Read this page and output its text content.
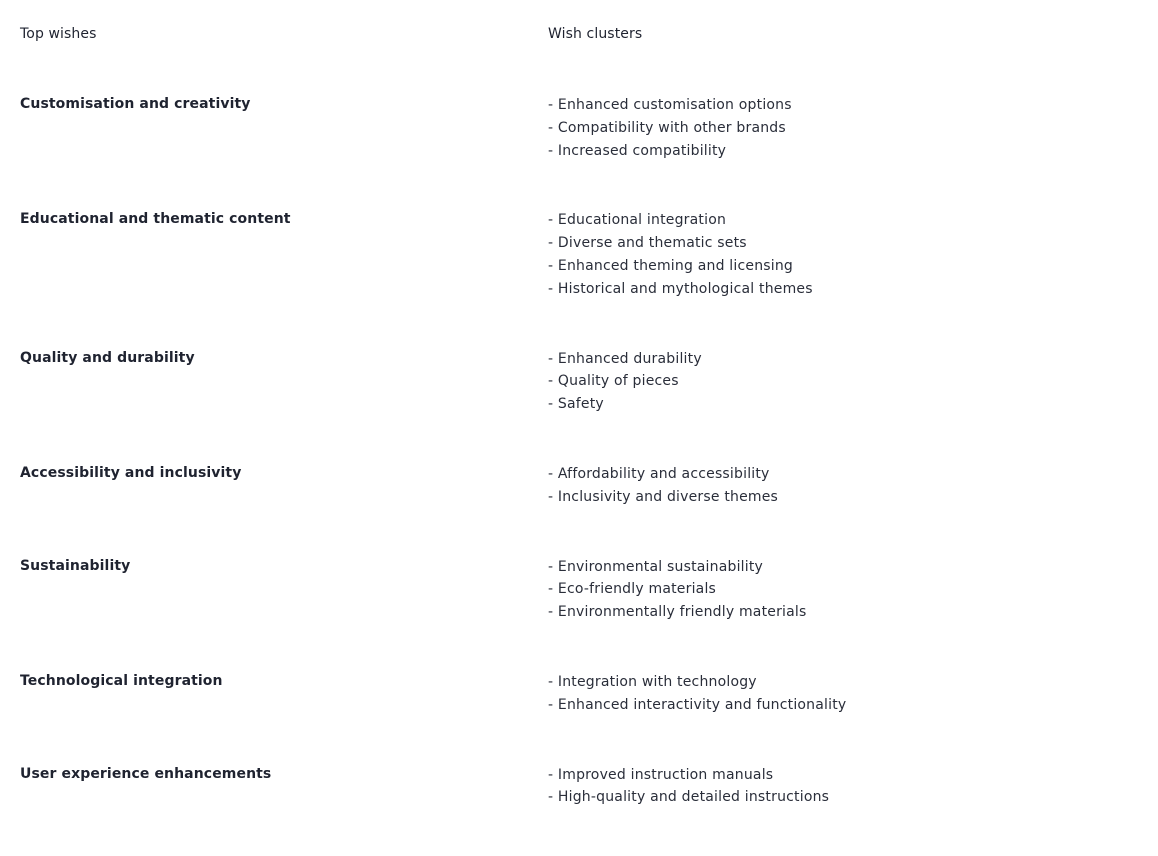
Top wishes	Wish clusters
Customisation and creativity	- Enhanced customisation options
- Compatibility with other brands
- Increased compatibility
Educational and thematic content	- Educational integration
- Diverse and thematic sets
- Enhanced theming and licensing
- Historical and mythological themes
Quality and durability	- Enhanced durability
- Quality of pieces
- Safety
Accessibility and inclusivity	- Affordability and accessibility
- Inclusivity and diverse themes
Sustainability	- Environmental sustainability
- Eco-friendly materials
- Environmentally friendly materials
Technological integration	- Integration with technology
- Enhanced interactivity and functionality
User experience enhancements	- Improved instruction manuals
- High-quality and detailed instructions
